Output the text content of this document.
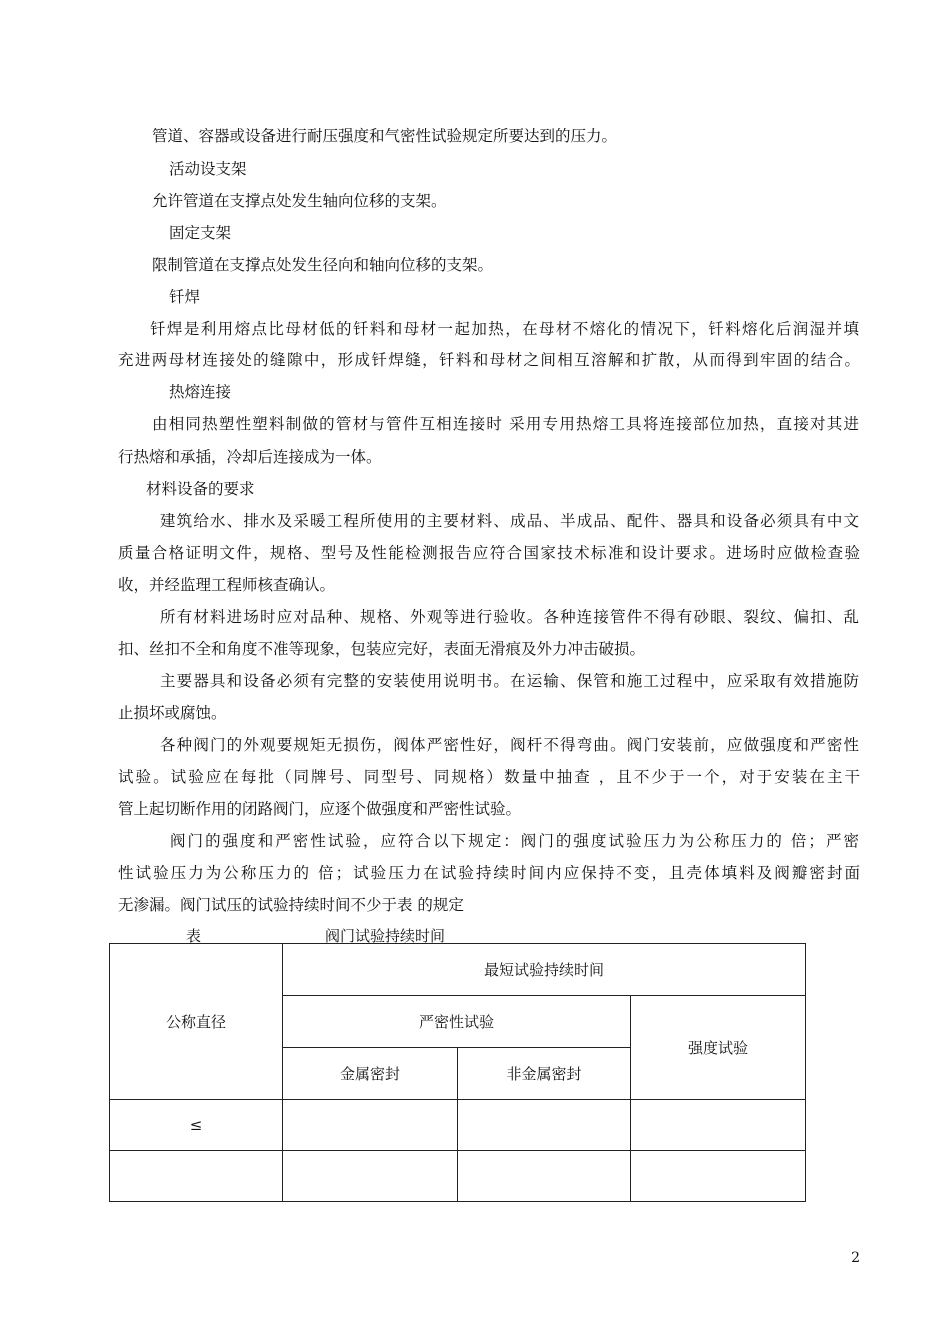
管道、容器或设备进行耐压强度和气密性试验规定所要达到的压力。
活动设支架
允许管道在支撑点处发生轴向位移的支架。
固定支架
限制管道在支撑点处发生径向和轴向位移的支架。
钎焊
钎焊是利用熔点比母材低的钎料和母材一起加热，在母材不熔化的情况下，钎料熔化后润湿并填
充进两母材连接处的缝隙中，形成钎焊缝，钎料和母材之间相互溶解和扩散，从而得到牢固的结合。
热熔连接
由相同热塑性塑料制做的管材与管件互相连接时 采用专用热熔工具将连接部位加热，直接对其进
行热熔和承插，冷却后连接成为一体。
材料设备的要求
建筑给水、排水及采暖工程所使用的主要材料、成品、半成品、配件、器具和设备必须具有中文
质量合格证明文件，规格、型号及性能检测报告应符合国家技术标准和设计要求。进场时应做检查验
收，并经监理工程师核查确认。
所有材料进场时应对品种、规格、外观等进行验收。各种连接管件不得有砂眼、裂纹、偏扣、乱
扣、丝扣不全和角度不准等现象，包装应完好，表面无滑痕及外力冲击破损。
主要器具和设备必须有完整的安装使用说明书。在运输、保管和施工过程中，应采取有效措施防
止损坏或腐蚀。
各种阀门的外观要规矩无损伤，阀体严密性好，阀杆不得弯曲。阀门安装前，应做强度和严密性
试验。试验应在每批（同牌号、同型号、同规格）数量中抽查 ，且不少于一个，对于安装在主干
管上起切断作用的闭路阀门，应逐个做强度和严密性试验。
阀门的强度和严密性试验，应符合以下规定：阀门的强度试验压力为公称压力的 倍；严密
性试验压力为公称压力的 倍；试验压力在试验持续时间内应保持不变，且壳体填料及阀瓣密封面
无渗漏。阀门试压的试验持续时间不少于表 的规定
表	阀门试验持续时间
公称直径	最短试验持续时间		
	严密性试验		强度试验
	金属密封	非金属密封	
≤			

2
